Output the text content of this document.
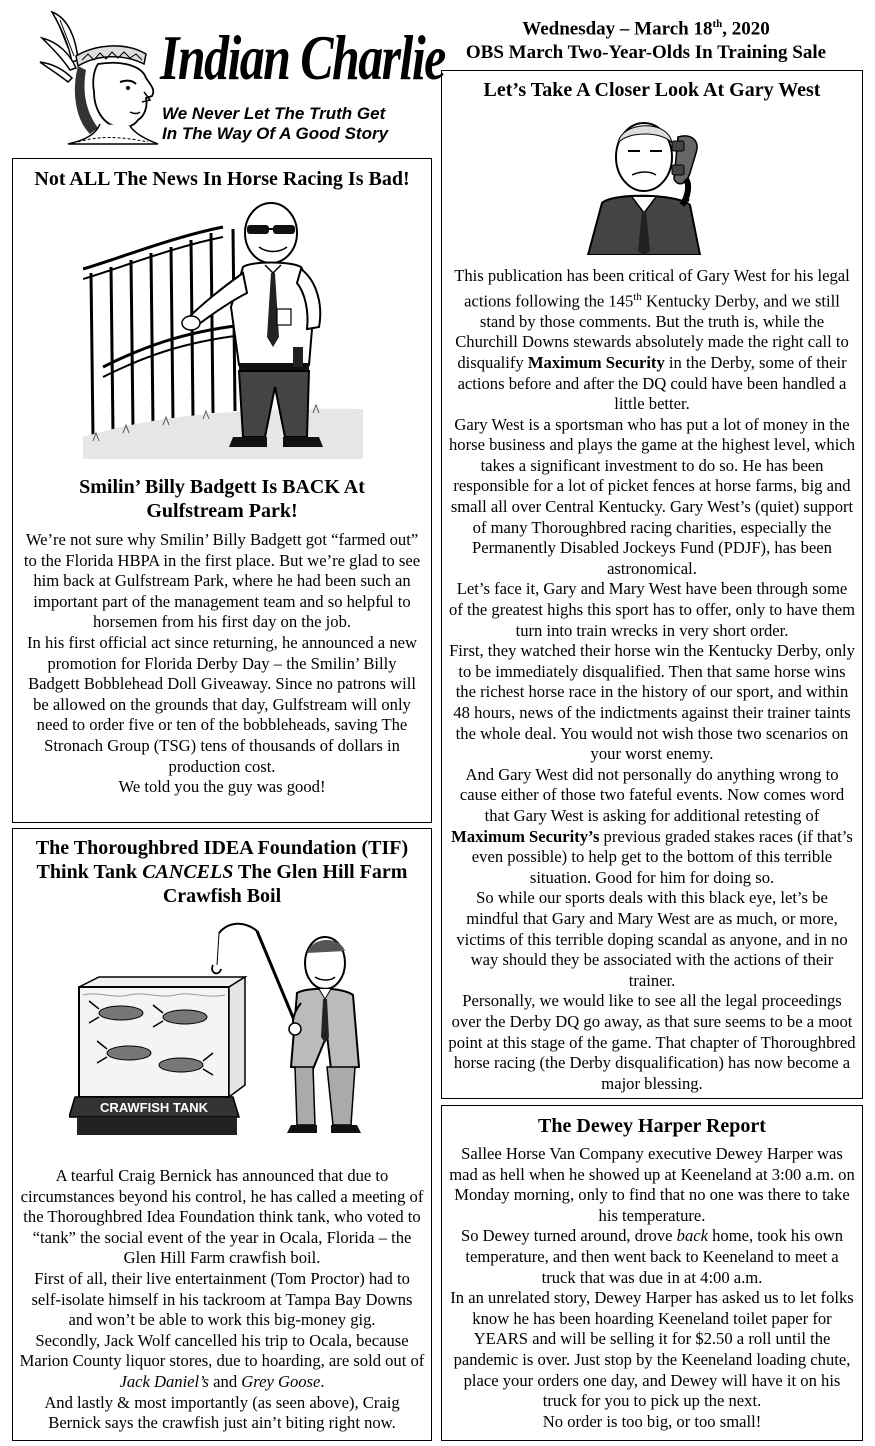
Indian Charlie
We Never Let The Truth Get
In The Way Of A Good Story
Wednesday – March 18th, 2020
OBS March Two-Year-Olds In Training Sale
Not ALL The News In Horse Racing Is Bad!
Smilin’ Billy Badgett Is BACK At
Gulfstream Park!

We’re not sure why Smilin’ Billy Badgett got “farmed out” to the Florida HBPA in the first place. But we’re glad to see him back at Gulfstream Park, where he had been such an important part of the management team and so helpful to horsemen from his first day on the job.

In his first official act since returning, he announced a new promotion for Florida Derby Day – the Smilin’ Billy Badgett Bobblehead Doll Giveaway. Since no patrons will be allowed on the grounds that day, Gulfstream will only need to order five or ten of the bobbleheads, saving The Stronach Group (TSG) tens of thousands of dollars in production cost.

We told you the guy was good!

The Thoroughbred IDEA Foundation (TIF)
Think Tank CANCELS The Glen Hill Farm
Crawfish Boil
CRAWFISH TANK

A tearful Craig Bernick has announced that due to circumstances beyond his control, he has called a meeting of the Thoroughbred Idea Foundation think tank, who voted to “tank” the social event of the year in Ocala, Florida – the Glen Hill Farm crawfish boil.

First of all, their live entertainment (Tom Proctor) had to self-isolate himself in his tackroom at Tampa Bay Downs and won’t be able to work this big-money gig.

Secondly, Jack Wolf cancelled his trip to Ocala, because Marion County liquor stores, due to hoarding, are sold out of Jack Daniel’s and Grey Goose.

And lastly & most importantly (as seen above), Craig Bernick says the crawfish just ain’t biting right now.

Let’s Take A Closer Look At Gary West

This publication has been critical of Gary West for his legal actions following the 145th Kentucky Derby, and we still stand by those comments. But the truth is, while the Churchill Downs stewards absolutely made the right call to disqualify Maximum Security in the Derby, some of their actions before and after the DQ could have been handled a little better.

Gary West is a sportsman who has put a lot of money in the horse business and plays the game at the highest level, which takes a significant investment to do so. He has been responsible for a lot of picket fences at horse farms, big and small all over Central Kentucky. Gary West’s (quiet) support of many Thoroughbred racing charities, especially the Permanently Disabled Jockeys Fund (PDJF), has been astronomical.

Let’s face it, Gary and Mary West have been through some of the greatest highs this sport has to offer, only to have them turn into train wrecks in very short order.

First, they watched their horse win the Kentucky Derby, only to be immediately disqualified. Then that same horse wins the richest horse race in the history of our sport, and within 48 hours, news of the indictments against their trainer taints the whole deal. You would not wish those two scenarios on your worst enemy.

And Gary West did not personally do anything wrong to cause either of those two fateful events. Now comes word that Gary West is asking for additional retesting of Maximum Security’s previous graded stakes races (if that’s even possible) to help get to the bottom of this terrible situation. Good for him for doing so.

So while our sports deals with this black eye, let’s be mindful that Gary and Mary West are as much, or more, victims of this terrible doping scandal as anyone, and in no way should they be associated with the actions of their trainer.

Personally, we would like to see all the legal proceedings over the Derby DQ go away, as that sure seems to be a moot point at this stage of the game. That chapter of Thoroughbred horse racing (the Derby disqualification) has now become a major blessing.

The Dewey Harper Report

Sallee Horse Van Company executive Dewey Harper was mad as hell when he showed up at Keeneland at 3:00 a.m. on Monday morning, only to find that no one was there to take his temperature.

So Dewey turned around, drove back home, took his own temperature, and then went back to Keeneland to meet a truck that was due in at 4:00 a.m.

In an unrelated story, Dewey Harper has asked us to let folks know he has been hoarding Keeneland toilet paper for YEARS and will be selling it for $2.50 a roll until the pandemic is over. Just stop by the Keeneland loading chute, place your orders one day, and Dewey will have it on his truck for you to pick up the next.

No order is too big, or too small!
